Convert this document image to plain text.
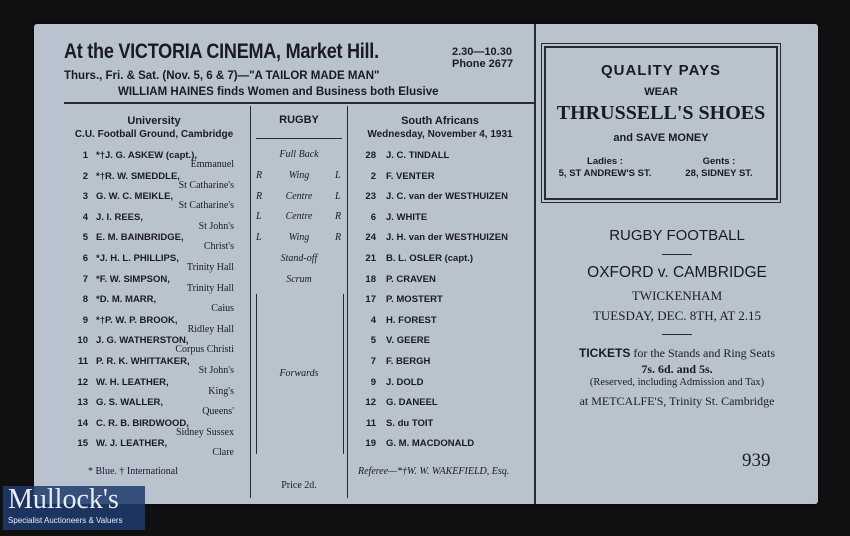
At the VICTORIA CINEMA, Market Hill.	2.30—10.30
Phone 2677
Thurs., Fri. & Sat. (Nov. 5, 6 & 7)—"A TAILOR MADE MAN"
WILLIAM HAINES finds Women and Business both Elusive
University
C.U. Football Ground, Cambridge
1 *†J. G. ASKEW (capt.),
Emmanuel
2 *†R. W. SMEDDLE,
St Catharine's
3 G. W. C. MEIKLE,
St Catharine's
4 J. I. REES,
St John's
5 E. M. BAINBRIDGE,
Christ's
6 *J. H. L. PHILLIPS,
Trinity Hall
7 *F. W. SIMPSON,
Trinity Hall
8 *D. M. MARR,
Caius
9 *†P. W. P. BROOK,
Ridley Hall
10 J. G. WATHERSTON,
Corpus Christi
11 P. R. K. WHITTAKER,
St John's
12 W. H. LEATHER,
King's
13 G. S. WALLER,
Queens'
14 C. R. B. BIRDWOOD,
Sidney Sussex
15 W. J. LEATHER,
Clare
* Blue. † International
RUGBY
Full Back
R	Wing	L
R	Centre	L
L	Centre	R
L	Wing	R
Stand-off
Scrum
Forwards
Price 2d.
South Africans
Wednesday, November 4, 1931
28 J. C. TINDALL
2 F. VENTER
23 J. C. van der WESTHUIZEN
6 J. WHITE
24 J. H. van der WESTHUIZEN
21 B. L. OSLER (capt.)
18 P. CRAVEN
17 P. MOSTERT
4 H. FOREST
5 V. GEERE
7 F. BERGH
9 J. DOLD
12 G. DANEEL
11 S. du TOIT
19 G. M. MACDONALD
Referee—*†W. W. WAKEFIELD, Esq.
QUALITY PAYS
WEAR
THRUSSELL'S SHOES
and SAVE MONEY
Ladies :
5, ST ANDREW'S ST.
Gents :
28, SIDNEY ST.
RUGBY FOOTBALL
OXFORD v. CAMBRIDGE
TWICKENHAM
TUESDAY, DEC. 8TH, AT 2.15
TICKETS for the Stands and Ring Seats
7s. 6d. and 5s.
(Reserved, including Admission and Tax)
at METCALFE'S, Trinity St. Cambridge
939
Mullock's
Specialist Auctioneers & Valuers
